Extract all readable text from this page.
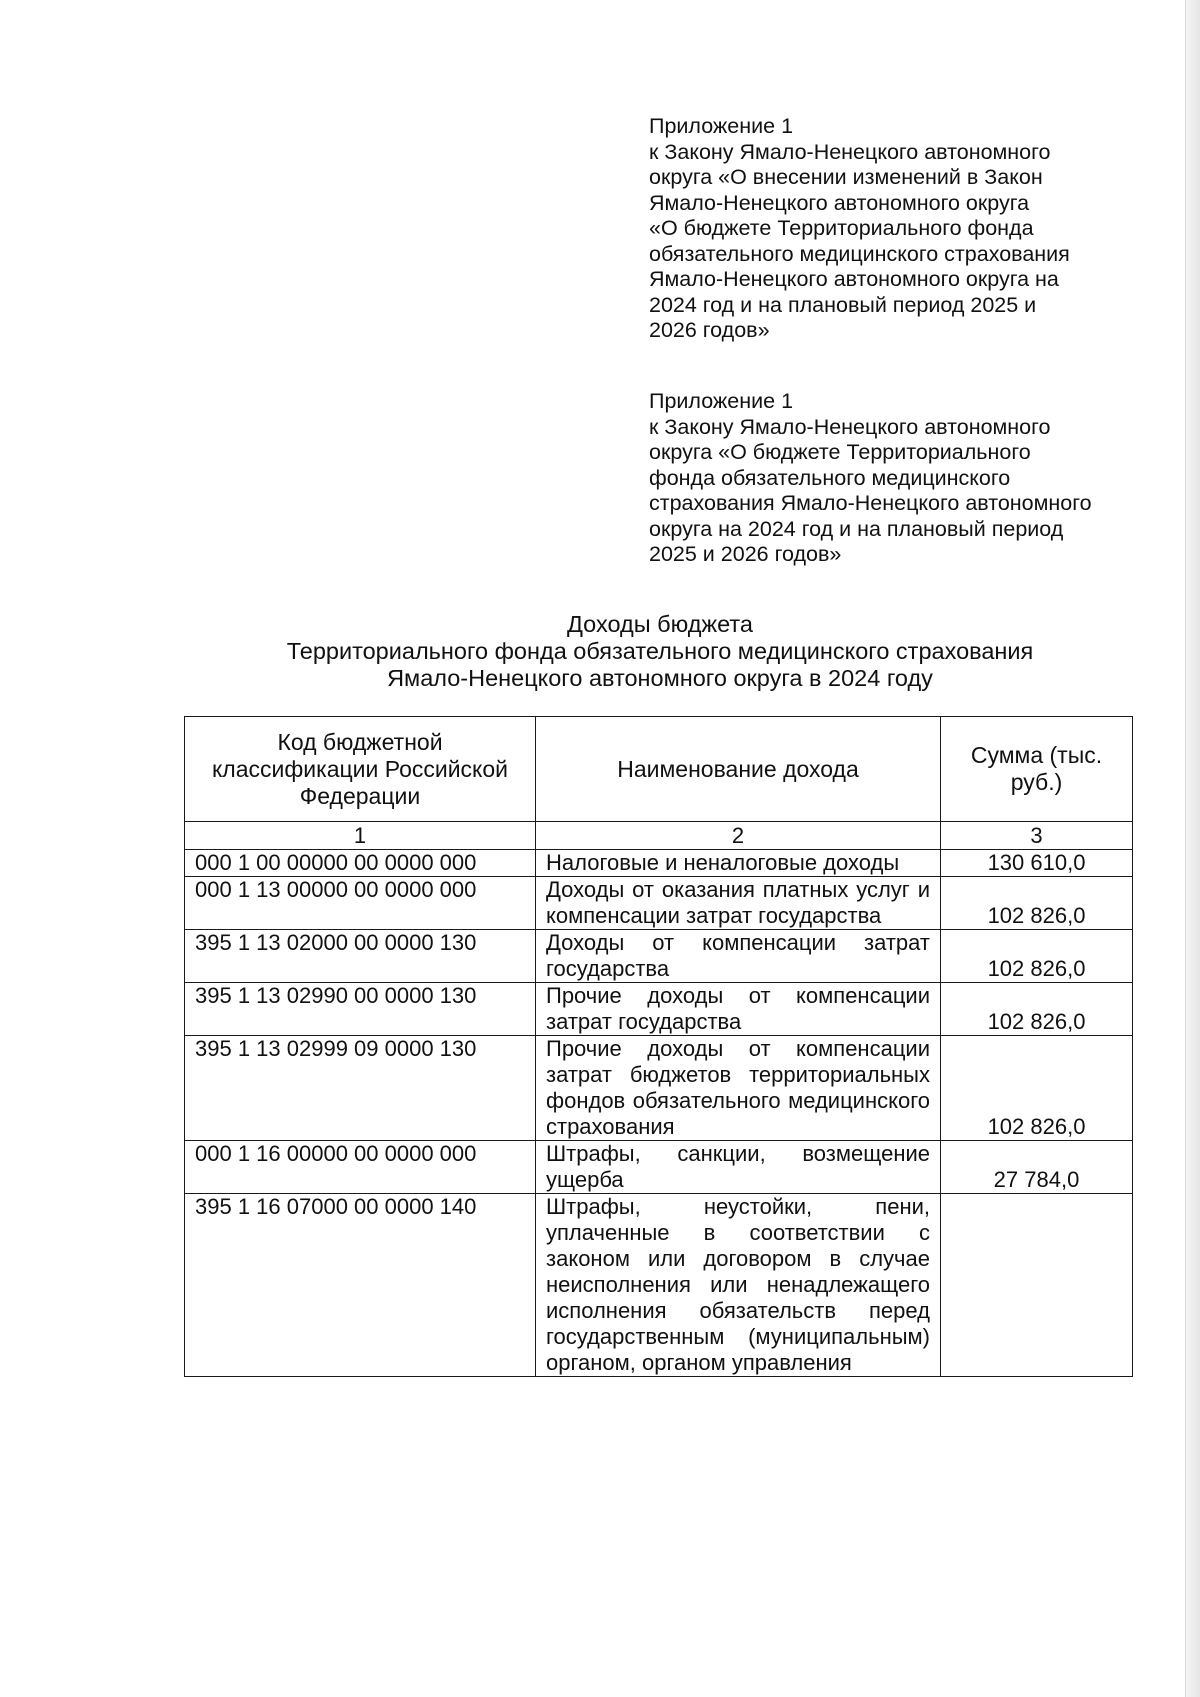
Приложение 1
к Закону Ямало-Ненецкого автономного
округа «О внесении изменений в Закон
Ямало-Ненецкого автономного округа
«О бюджете Территориального фонда
обязательного медицинского страхования
Ямало-Ненецкого автономного округа на
2024 год и на плановый период 2025 и
2026 годов»
Приложение 1
к Закону Ямало-Ненецкого автономного
округа «О бюджете Территориального
фонда обязательного медицинского
страхования Ямало-Ненецкого автономного
округа на 2024 год и на плановый период
2025 и 2026 годов»
Доходы бюджета
Территориального фонда обязательного медицинского страхования
Ямало-Ненецкого автономного округа в 2024 году
Код бюджетной классификации Российской Федерации	Наименование дохода	Сумма (тыс. руб.)
1	2	3
000 1 00 00000 00 0000 000	Налоговые и неналоговые доходы	130 610,0
000 1 13 00000 00 0000 000	Доходы от оказания платных услуг и компенсации затрат государства	102 826,0
395 1 13 02000 00 0000 130	Доходы от компенсации затрат государства	102 826,0
395 1 13 02990 00 0000 130	Прочие доходы от компенсации затрат государства	102 826,0
395 1 13 02999 09 0000 130	Прочие доходы от компенсации затрат бюджетов территориальных фондов обязательного медицинского страхования	102 826,0
000 1 16 00000 00 0000 000	Штрафы, санкции, возмещение ущерба	27 784,0
395 1 16 07000 00 0000 140	Штрафы, неустойки, пени, уплаченные в соответствии с законом или договором в случае неисполнения или ненадлежащего исполнения обязательств перед государственным (муниципальным) органом, органом управления	
